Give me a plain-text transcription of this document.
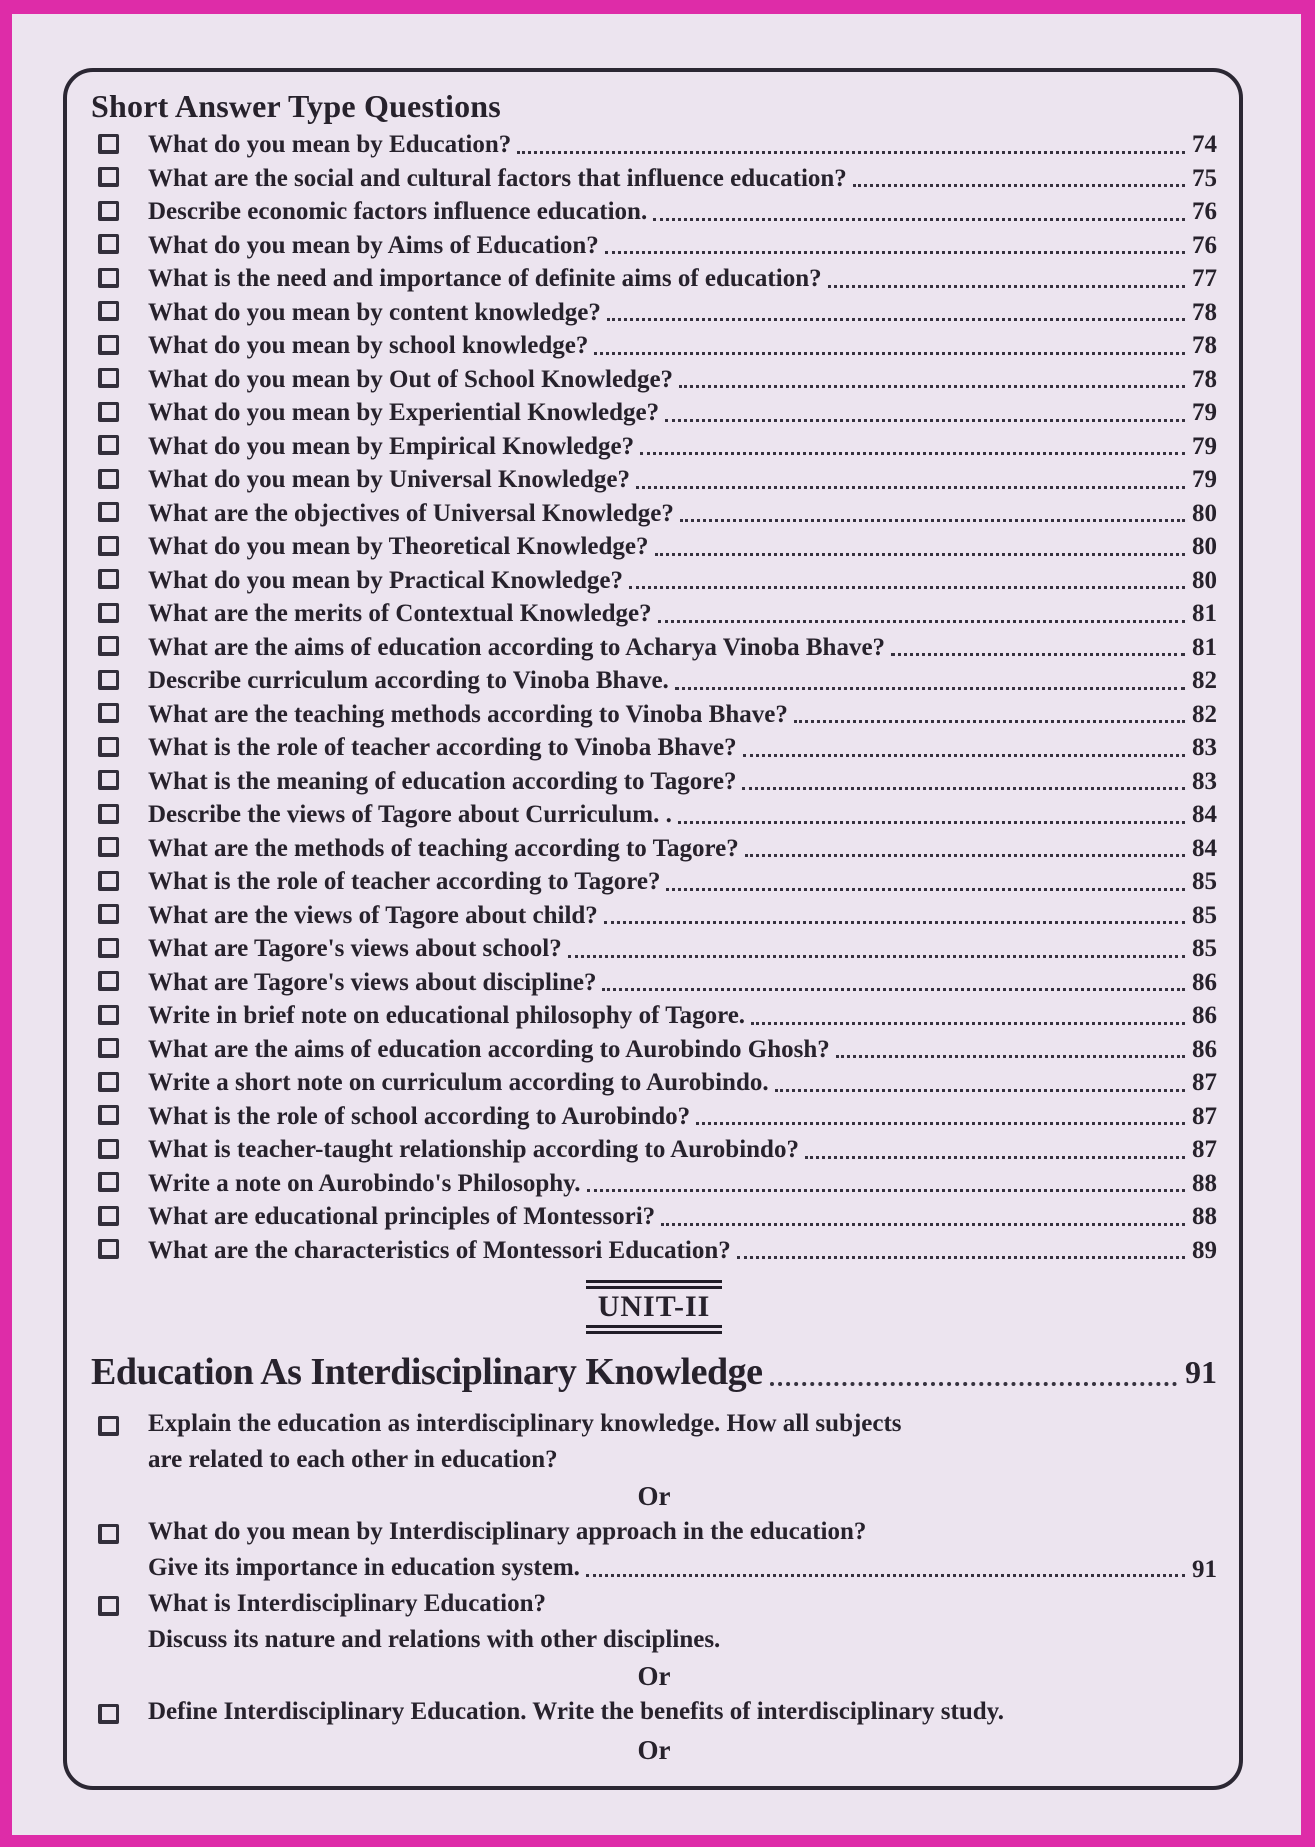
Short Answer Type Questions
What do you mean by Education?	74
What are the social and cultural factors that influence education?	75
Describe economic factors influence education.	76
What do you mean by Aims of Education?	76
What is the need and importance of definite aims of education?	77
What do you mean by content knowledge?	78
What do you mean by school knowledge?	78
What do you mean by Out of School Knowledge?	78
What do you mean by Experiential Knowledge?	79
What do you mean by Empirical Knowledge?	79
What do you mean by Universal Knowledge?	79
What are the objectives of Universal Knowledge?	80
What do you mean by Theoretical Knowledge?	80
What do you mean by Practical Knowledge?	80
What are the merits of Contextual Knowledge?	81
What are the aims of education according to Acharya Vinoba Bhave?	81
Describe curriculum according to Vinoba Bhave.	82
What are the teaching methods according to Vinoba Bhave?	82
What is the role of teacher according to Vinoba Bhave?	83
What is the meaning of education according to Tagore?	83
Describe the views of Tagore about Curriculum. .	84
What are the methods of teaching according to Tagore?	84
What is the role of teacher according to Tagore?	85
What are the views of Tagore about child?	85
What are Tagore's views about school?	85
What are Tagore's views about discipline?	86
Write in brief note on educational philosophy of Tagore.	86
What are the aims of education according to Aurobindo Ghosh?	86
Write a short note on curriculum according to Aurobindo.	87
What is the role of school according to Aurobindo?	87
What is teacher-taught relationship according to Aurobindo?	87
Write a note on Aurobindo's Philosophy.	88
What are educational principles of Montessori?	88
What are the characteristics of Montessori Education?	89
UNIT-II
Education As Interdisciplinary Knowledge	91
Explain the education as interdisciplinary knowledge. How all subjects
are related to each other in education?
Or
What do you mean by Interdisciplinary approach in the education?
Give its importance in education system.	91
What is Interdisciplinary Education?
Discuss its nature and relations with other disciplines.
Or
Define Interdisciplinary Education. Write the benefits of interdisciplinary study.
Or
